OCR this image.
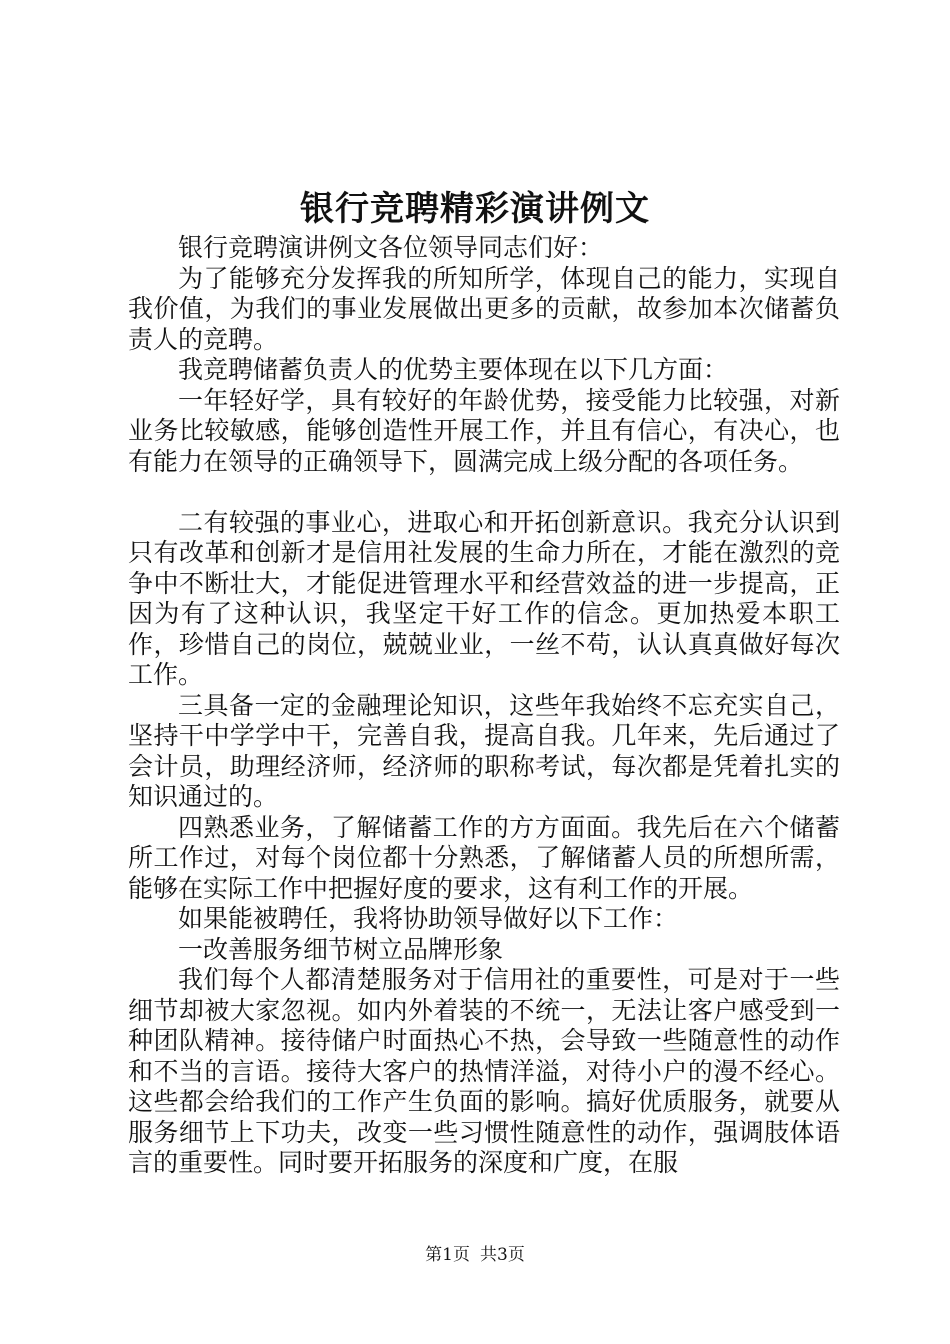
银行竞聘精彩演讲例文

银行竞聘演讲例文各位领导同志们好：

为了能够充分发挥我的所知所学，体现自己的能力，实现自我价值，为我们的事业发展做出更多的贡献，故参加本次储蓄负责人的竞聘。

我竞聘储蓄负责人的优势主要体现在以下几方面：

一年轻好学，具有较好的年龄优势，接受能力比较强，对新业务比较敏感，能够创造性开展工作，并且有信心，有决心，也有能力在领导的正确领导下，圆满完成上级分配的各项任务。

二有较强的事业心，进取心和开拓创新意识。我充分认识到只有改革和创新才是信用社发展的生命力所在，才能在激烈的竞争中不断壮大，才能促进管理水平和经营效益的进一步提高，正因为有了这种认识，我坚定干好工作的信念。更加热爱本职工作，珍惜自己的岗位，兢兢业业，一丝不苟，认认真真做好每次工作。

三具备一定的金融理论知识，这些年我始终不忘充实自己，坚持干中学学中干，完善自我，提高自我。几年来，先后通过了会计员，助理经济师，经济师的职称考试，每次都是凭着扎实的知识通过的。

四熟悉业务，了解储蓄工作的方方面面。我先后在六个储蓄所工作过，对每个岗位都十分熟悉，了解储蓄人员的所想所需，能够在实际工作中把握好度的要求，这有利工作的开展。

如果能被聘任，我将协助领导做好以下工作：

一改善服务细节树立品牌形象

我们每个人都清楚服务对于信用社的重要性，可是对于一些细节却被大家忽视。如内外着装的不统一，无法让客户感受到一种团队精神。接待储户时面热心不热，会导致一些随意性的动作和不当的言语。接待大客户的热情洋溢，对待小户的漫不经心。这些都会给我们的工作产生负面的影响。搞好优质服务，就要从服务细节上下功夫，改变一些习惯性随意性的动作，强调肢体语言的重要性。同时要开拓服务的深度和广度，在服

第1页 共3页
